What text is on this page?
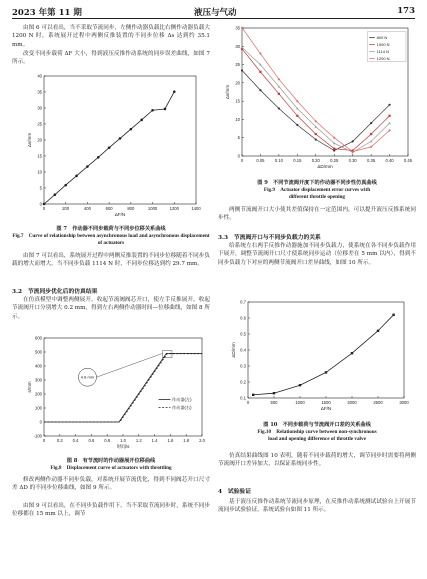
2023 年第 11 期	液压与气动	173
由图 6 可以看出，当不采取节流同步，左侧作动器负载比右侧作动器负载大 1200 N 时，系统展开过程中两侧反推装置的不同步位移 Δs 达到约 35.1 mm。
改变不同步载荷 ΔF 大小，得到液压反推作动系统的同步误差曲线，如图 7 所示。
0	200	400	600	800	1000	1200	1400
0
5
10
15
20
25
30
35
40
ΔF/N
Δs/mm
图 7　作动器不同步载荷与不同步位移关系曲线
Fig.7　Curve of relationship between asynchronous load and asynchronous displacement of actuators
由图 7 可以看出，系统展开过程中两侧反推装置的不同步位移随着不同步负载的增大而增大，当不同步负载 1114 N 时，不同步位移达到约 29.7 mm。
3.2　节流同步优化后的仿真结果
在仿真模型中调整两侧展开、收起节流阀阀芯开口，使左手反推展开、收起节流阀开口分别增大 0.2 mm，得到左右两侧作动器时间—位移曲线，如图 8 所示。
0	0.2 0.4 0.6 0.8 1.0 1.2 1.4 1.6 1.8 2.0
-100
0
100
200
300
400
500
600
时间/s
s/mm
4.8 mm
作动器(左)
作动器(右)
图 8　有节流时的作动器展开位移曲线
Fig.8　Displacement curve of actuators with throttling
修改两侧作动器不同步负载，对系统开展节流优化，得到不同阀芯开口尺寸差 ΔD 的不同步位移曲线，如图 9 所示。
由图 9 可以看出，在不同步负载作用下，当不采取节流同步时，系统不同步位移都在 15 mm 以上，调节
0	0.05 0.10 0.15 0.20 0.25 0.30 0.35 0.40 0.45
0
5
10
15
20
25
30
35
ΔD/mm
Δs/mm
800 N
1000 N
1114 N
1200 N
图 9　不同节流阀开度下的作动器不同步性仿真曲线
Fig.9　Actuator displacement error curves with
different throttle opening
两侧节流阀开口大小使其差值保持在一定范围内，可以提升液压反推系统同步性。
3.3　节流阀开口与不同步负载力的关系
给系统左右两手反推作动器施加不同步负载力，使系统在各不同步负载作用下展开，调整节流阀开口尺寸使系统同步运动（位移差在 5 mm 以内），得到不同步负载力下对应的两侧节流阀开口差异曲线，如图 10 所示。
0	500	1000	1500	2000	2500	3000
0.1
0.2
0.3
0.4
0.5
0.6
0.7
ΔF/N
ΔD/mm
图 10　不同步载荷与节流阀开口差的关系曲线
Fig.10　Relationship curve between non-synchronous
load and opening difference of throttle valve
仿真结果曲线图 10 表明，随着不同步载荷的增大，调节同步时需要将两侧节流阀开口差异加大，以保证系统同步性。
4　试验验证
基于液压反推作动系统节流同步原理，在反推作动系统测试试验台上开展节流同步试验验证，系统试验台如图 11 所示。
